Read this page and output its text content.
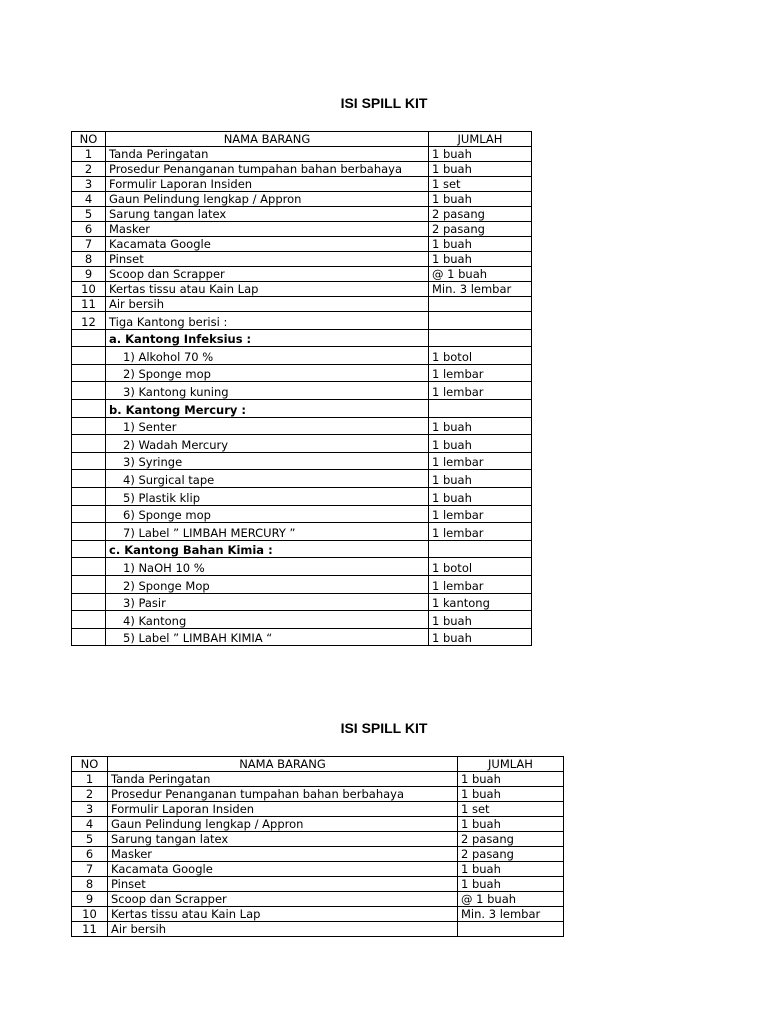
ISI SPILL KIT
NO	NAMA BARANG	JUMLAH
1	Tanda Peringatan	1 buah
2	Prosedur Penanganan tumpahan bahan berbahaya	1 buah
3	Formulir Laporan Insiden	1 set
4	Gaun Pelindung lengkap / Appron	1 buah
5	Sarung tangan latex	2 pasang
6	Masker	2 pasang
7	Kacamata Google	1 buah
8	Pinset	1 buah
9	Scoop dan Scrapper	@ 1 buah
10	Kertas tissu atau Kain Lap	Min. 3 lembar
11	Air bersih	
12	Tiga Kantong berisi :	
	a. Kantong Infeksius :	
	1) Alkohol 70 %	1 botol
	2) Sponge mop	1 lembar
	3) Kantong kuning	1 lembar
	b. Kantong Mercury :	
	1) Senter	1 buah
	2) Wadah Mercury	1 buah
	3) Syringe	1 lembar
	4) Surgical tape	1 buah
	5) Plastik klip	1 buah
	6) Sponge mop	1 lembar
	7) Label ” LIMBAH MERCURY ”	1 lembar
	c. Kantong Bahan Kimia :	
	1) NaOH 10 %	1 botol
	2) Sponge Mop	1 lembar
	3) Pasir	1 kantong
	4) Kantong	1 buah
	5) Label ” LIMBAH KIMIA “	1 buah
ISI SPILL KIT
NO	NAMA BARANG	JUMLAH
1	Tanda Peringatan	1 buah
2	Prosedur Penanganan tumpahan bahan berbahaya	1 buah
3	Formulir Laporan Insiden	1 set
4	Gaun Pelindung lengkap / Appron	1 buah
5	Sarung tangan latex	2 pasang
6	Masker	2 pasang
7	Kacamata Google	1 buah
8	Pinset	1 buah
9	Scoop dan Scrapper	@ 1 buah
10	Kertas tissu atau Kain Lap	Min. 3 lembar
11	Air bersih	
